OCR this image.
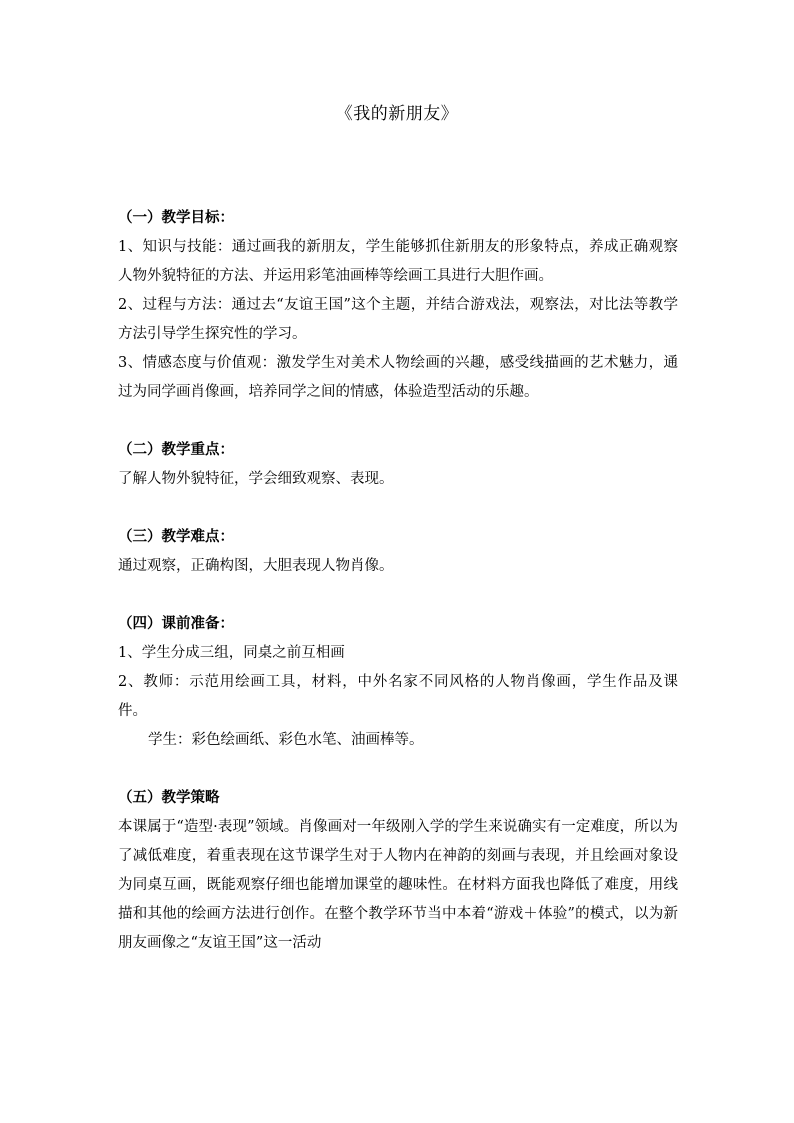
《我的新朋友》

（一）教学目标：

1、知识与技能：通过画我的新朋友，学生能够抓住新朋友的形象特点，养成正确观察人物外貌特征的方法、并运用彩笔油画棒等绘画工具进行大胆作画。

2、过程与方法：通过去“友谊王国”这个主题，并结合游戏法，观察法，对比法等教学方法引导学生探究性的学习。

3、情感态度与价值观：激发学生对美术人物绘画的兴趣，感受线描画的艺术魅力，通过为同学画肖像画，培养同学之间的情感，体验造型活动的乐趣。

（二）教学重点：

了解人物外貌特征，学会细致观察、表现。

（三）教学难点：

通过观察，正确构图，大胆表现人物肖像。

（四）课前准备：

1、学生分成三组，同桌之前互相画

2、教师：示范用绘画工具，材料，中外名家不同风格的人物肖像画，学生作品及课件。

学生：彩色绘画纸、彩色水笔、油画棒等。

（五）教学策略

本课属于“造型·表现”领域。肖像画对一年级刚入学的学生来说确实有一定难度，所以为了减低难度，着重表现在这节课学生对于人物内在神韵的刻画与表现，并且绘画对象设为同桌互画，既能观察仔细也能增加课堂的趣味性。在材料方面我也降低了难度，用线描和其他的绘画方法进行创作。在整个教学环节当中本着“游戏＋体验”的模式，以为新朋友画像之“友谊王国”这一活动
